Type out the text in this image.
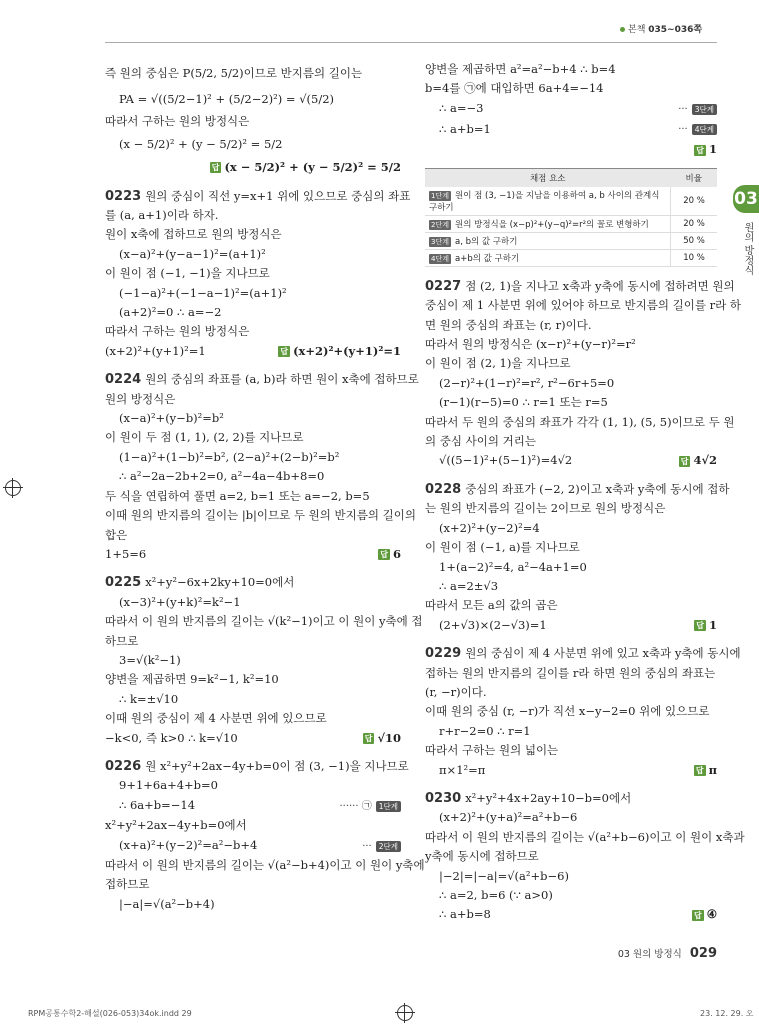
본책 035~036쪽
03
원의 방정식
즉 원의 중심은 P(5/2, 5/2)이므로 반지름의 길이는
PA = √((5/2−1)² + (5/2−2)²) = √(5/2)
따라서 구하는 원의 방정식은
(x − 5/2)² + (y − 5/2)² = 5/2
답 (x − 5/2)² + (y − 5/2)² = 5/2
0223 원의 중심이 직선 y=x+1 위에 있으므로 중심의 좌표
를 (a, a+1)이라 하자.
원이 x축에 접하므로 원의 방정식은
(x−a)²+(y−a−1)²=(a+1)²
이 원이 점 (−1, −1)을 지나므로
(−1−a)²+(−1−a−1)²=(a+1)²
(a+2)²=0 ∴ a=−2
따라서 구하는 원의 방정식은
(x+2)²+(y+1)²=1	답 (x+2)²+(y+1)²=1
0224 원의 중심의 좌표를 (a, b)라 하면 원이 x축에 접하므로
원의 방정식은
(x−a)²+(y−b)²=b²
이 원이 두 점 (1, 1), (2, 2)를 지나므로
(1−a)²+(1−b)²=b², (2−a)²+(2−b)²=b²
∴ a²−2a−2b+2=0, a²−4a−4b+8=0
두 식을 연립하여 풀면 a=2, b=1 또는 a=−2, b=5
이때 원의 반지름의 길이는 |b|이므로 두 원의 반지름의 길이의
합은
1+5=6	답 6
0225 x²+y²−6x+2ky+10=0에서
(x−3)²+(y+k)²=k²−1
따라서 이 원의 반지름의 길이는 √(k²−1)이고 이 원이 y축에 접
하므로
3=√(k²−1)
양변을 제곱하면 9=k²−1, k²=10
∴ k=±√10
이때 원의 중심이 제 4 사분면 위에 있으므로
−k<0, 즉 k>0 ∴ k=√10	답 √10
0226 원 x²+y²+2ax−4y+b=0이 점 (3, −1)을 지나므로
9+1+6a+4+b=0
∴ 6a+b=−14	······ ㉠ 1단계
x²+y²+2ax−4y+b=0에서
(x+a)²+(y−2)²=a²−b+4	··· 2단계
따라서 이 원의 반지름의 길이는 √(a²−b+4)이고 이 원이 y축에
접하므로
|−a|=√(a²−b+4)
양변을 제곱하면 a²=a²−b+4 ∴ b=4
b=4를 ㉠에 대입하면 6a+4=−14
∴ a=−3	··· 3단계
∴ a+b=1	··· 4단계
답 1
채점 요소	비율
1단계 원이 점 (3, −1)을 지남을 이용하여 a, b 사이의 관계식 구하기	20 %
2단계 원의 방정식을 (x−p)²+(y−q)²=r²의 꼴로 변형하기	20 %
3단계 a, b의 값 구하기	50 %
4단계 a+b의 값 구하기	10 %
0227 점 (2, 1)을 지나고 x축과 y축에 동시에 접하려면 원의
중심이 제 1 사분면 위에 있어야 하므로 반지름의 길이를 r라 하
면 원의 중심의 좌표는 (r, r)이다.
따라서 원의 방정식은 (x−r)²+(y−r)²=r²
이 원이 점 (2, 1)을 지나므로
(2−r)²+(1−r)²=r², r²−6r+5=0
(r−1)(r−5)=0 ∴ r=1 또는 r=5
따라서 두 원의 중심의 좌표가 각각 (1, 1), (5, 5)이므로 두 원
의 중심 사이의 거리는
√((5−1)²+(5−1)²)=4√2	답 4√2
0228 중심의 좌표가 (−2, 2)이고 x축과 y축에 동시에 접하
는 원의 반지름의 길이는 2이므로 원의 방정식은
(x+2)²+(y−2)²=4
이 원이 점 (−1, a)를 지나므로
1+(a−2)²=4, a²−4a+1=0
∴ a=2±√3
따라서 모든 a의 값의 곱은
(2+√3)×(2−√3)=1	답 1
0229 원의 중심이 제 4 사분면 위에 있고 x축과 y축에 동시에
접하는 원의 반지름의 길이를 r라 하면 원의 중심의 좌표는
(r, −r)이다.
이때 원의 중심 (r, −r)가 직선 x−y−2=0 위에 있으므로
r+r−2=0 ∴ r=1
따라서 구하는 원의 넓이는
π×1²=π	답 π
0230 x²+y²+4x+2ay+10−b=0에서
(x+2)²+(y+a)²=a²+b−6
따라서 이 원의 반지름의 길이는 √(a²+b−6)이고 이 원이 x축과
y축에 동시에 접하므로
|−2|=|−a|=√(a²+b−6)
∴ a=2, b=6 (∵ a>0)
∴ a+b=8	답 ④
03 원의 방정식 029
RPM공통수학2-해설(026-053)34ok.indd 29	23. 12. 29. 오
